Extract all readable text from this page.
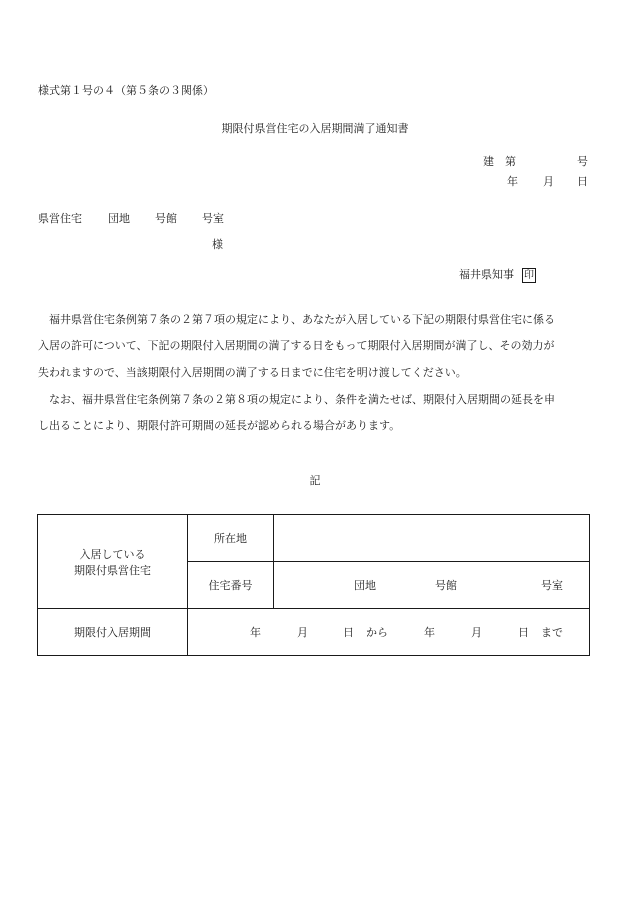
様式第１号の４（第５条の３関係）
期限付県営住宅の入居期間満了通知書
建 第	号
年 月 日
県営住宅 団地 号館 号室
様
福井県知事 印
福井県営住宅条例第７条の２第７項の規定により、あなたが入居している下記の期限付県営住宅に係る
入居の許可について、下記の期限付入居期間の満了する日をもって期限付入居期間が満了し、その効力が
失われますので、当該期限付入居期間の満了する日までに住宅を明け渡してください。
なお、福井県営住宅条例第７条の２第８項の規定により、条件を満たせば、期限付入居期間の延長を申
し出ることにより、期限付許可期間の延長が認められる場合があります。
記
入居している
期限付県営住宅	所在地	
	住宅番号	団地 号館 号室
期限付入居期間	年 月 日 から 年 月 日 まで	
